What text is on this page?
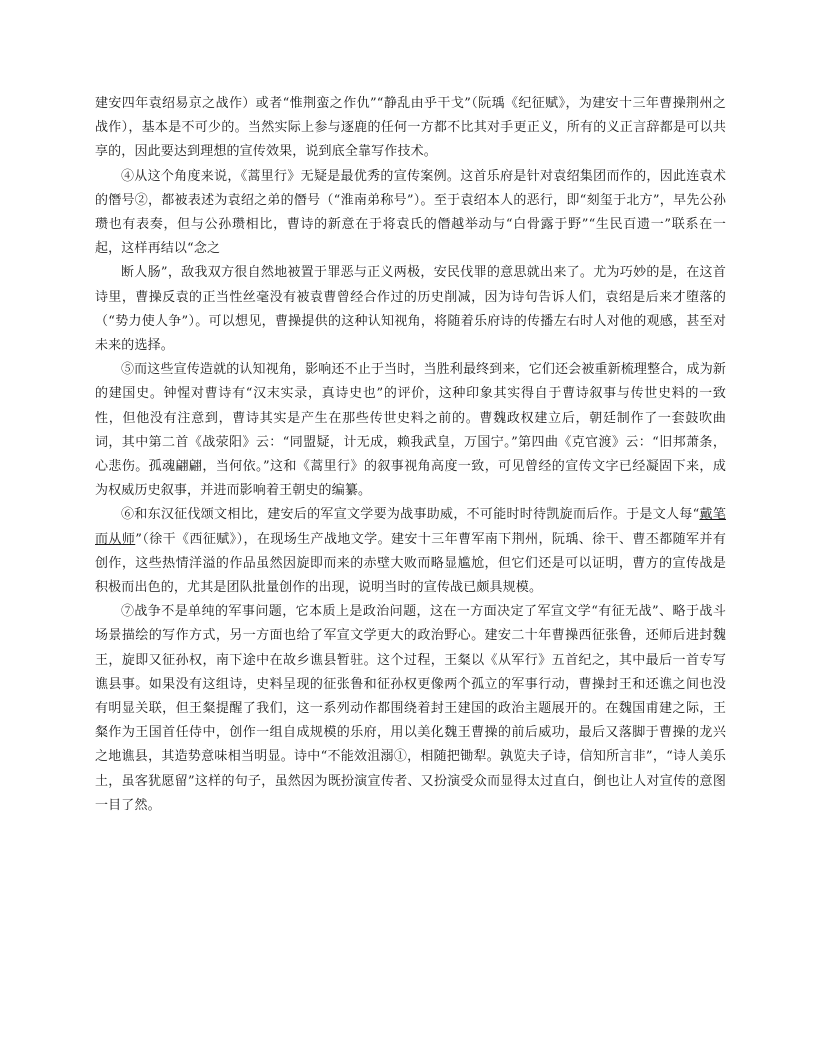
建安四年袁绍易京之战作）或者“惟荆蛮之作仇”“静乱由乎干戈”（阮瑀《纪征赋》，为建安十三年曹操荆州之战作），基本是不可少的。当然实际上参与逐鹿的任何一方都不比其对手更正义，所有的义正言辞都是可以共享的，因此要达到理想的宣传效果，说到底全靠写作技术。

④从这个角度来说，《蒿里行》无疑是最优秀的宣传案例。这首乐府是针对袁绍集团而作的，因此连袁术的僭号②，都被表述为袁绍之弟的僭号（“淮南弟称号”）。至于袁绍本人的恶行，即“刻玺于北方”，早先公孙瓒也有表奏，但与公孙瓒相比，曹诗的新意在于将袁氏的僭越举动与“白骨露于野”“生民百遗一”联系在一起，这样再结以“念之

断人肠”，敌我双方很自然地被置于罪恶与正义两极，安民伐罪的意思就出来了。尤为巧妙的是，在这首诗里，曹操反袁的正当性丝毫没有被袁曹曾经合作过的历史削减，因为诗句告诉人们，袁绍是后来才堕落的（“势力使人争”）。可以想见，曹操提供的这种认知视角，将随着乐府诗的传播左右时人对他的观感，甚至对未来的选择。

⑤而这些宣传造就的认知视角，影响还不止于当时，当胜利最终到来，它们还会被重新梳理整合，成为新的建国史。钟惺对曹诗有“汉末实录，真诗史也”的评价，这种印象其实得自于曹诗叙事与传世史料的一致性，但他没有注意到，曹诗其实是产生在那些传世史料之前的。曹魏政权建立后，朝廷制作了一套鼓吹曲词，其中第二首《战荥阳》云：“同盟疑，计无成，赖我武皇，万国宁。”第四曲《克官渡》云：“旧邦萧条，心悲伤。孤魂翩翩，当何依。”这和《蒿里行》的叙事视角高度一致，可见曾经的宣传文字已经凝固下来，成为权威历史叙事，并进而影响着王朝史的编纂。

⑥和东汉征伐颂文相比，建安后的军宣文学要为战事助威，不可能时时待凯旋而后作。于是文人每“戴笔而从师”（徐干《西征赋》），在现场生产战地文学。建安十三年曹军南下荆州，阮瑀、徐干、曹丕都随军并有创作，这些热情洋溢的作品虽然因旋即而来的赤壁大败而略显尴尬，但它们还是可以证明，曹方的宣传战是积极而出色的，尤其是团队批量创作的出现，说明当时的宣传战已颇具规模。

⑦战争不是单纯的军事问题，它本质上是政治问题，这在一方面决定了军宣文学“有征无战”、略于战斗场景描绘的写作方式，另一方面也给了军宣文学更大的政治野心。建安二十年曹操西征张鲁，还师后进封魏王，旋即又征孙权，南下途中在故乡谯县暂驻。这个过程，王粲以《从军行》五首纪之，其中最后一首专写谯县事。如果没有这组诗，史料呈现的征张鲁和征孙权更像两个孤立的军事行动，曹操封王和还谯之间也没有明显关联，但王粲提醒了我们，这一系列动作都围绕着封王建国的政治主题展开的。在魏国甫建之际，王粲作为王国首任侍中，创作一组自成规模的乐府，用以美化魏王曹操的前后威功，最后又落脚于曹操的龙兴之地谯县，其造势意味相当明显。诗中“不能效沮溺①，相随把锄犁。孰览夫子诗，信知所言非”，“诗人美乐土，虽客犹愿留”这样的句子，虽然因为既扮演宣传者、又扮演受众而显得太过直白，倒也让人对宣传的意图一目了然。
